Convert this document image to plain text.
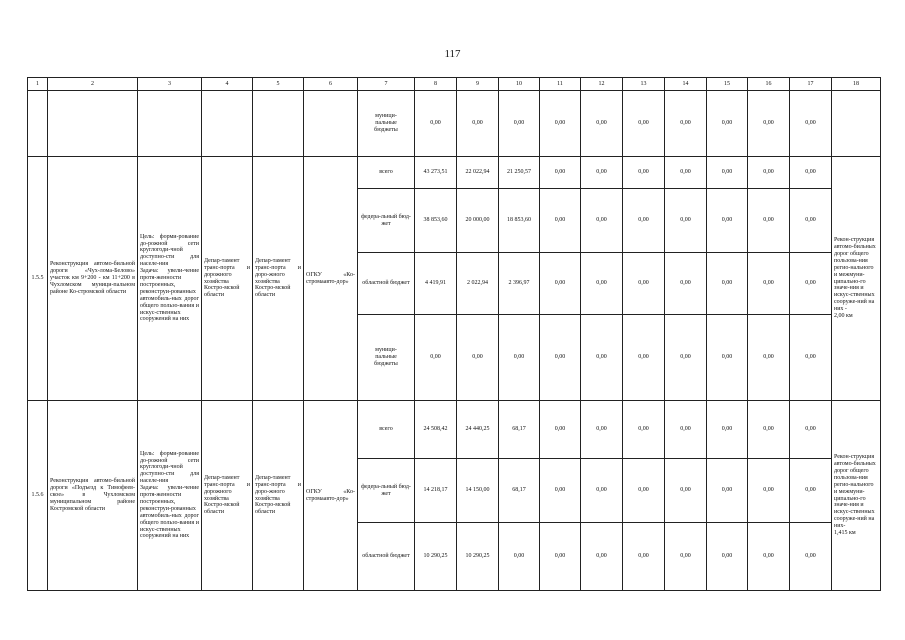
117
1	2	3	4	5	6	7	8	9	10	11	12	13	14	15	16	17	18

						муници-
пальные
бюджеты	0,00	0,00	0,00	0,00	0,00	0,00	0,00	0,00	0,00	0,00	
1.5.5	Реконструкция автомо-бильной дороги «Чух-лома-Белово» участок км 9+200 - км 11+200 в Чухломском муници-пальном районе Ко-стромской области	Цель: форми-рование до-рожной сети круглогоди-чной доступно-сти для населе-ния
Задача: увели-чение протя-женности построенных, реконструи-рованных автомобиль-ных дорог общего пользо-вания и искус-ственных сооружений на них	Депар-тамент транс-порта и дорожного хозяйства Костро-мской области	Депар-тамент транс-порта и доро-жного хозяйства Костро-мской области	ОГКУ «Ко-стромаавто-дор»	всего	43 273,51	22 022,94	21 250,57	0,00	0,00	0,00	0,00	0,00	0,00	0,00	Рекон-струкция автомо-бильных дорог общего пользова-ния регио-нального и межмуни-ципально-го значе-ния и искус-ственных сооруже-ний на них -
2,00 км

						федера-льный бюд-жет	38 853,60	20 000,00	18 853,60	0,00	0,00	0,00	0,00	0,00	0,00	0,00	
						областной бюджет	4 419,91	2 022,94	2 396,97	0,00	0,00	0,00	0,00	0,00	0,00	0,00	

						муници-
пальные
бюджеты	0,00	0,00	0,00	0,00	0,00	0,00	0,00	0,00	0,00	0,00	
1.5.6	Реконструкция автомо-бильной дороги «Подъезд к Тимофеев-ское» в Чухломском муниципальном районе Костромской области	Цель: форми-рование до-рожной сети круглогоди-чной доступно-сти для населе-ния
Задача: увели-чение протя-женности построенных, реконструи-рованных автомобиль-ных дорог общего пользо-вания и искус-ственных сооружений на них	Депар-тамент транс-порта и дорожного хозяйства Костро-мской области	Депар-тамент транс-порта и доро-жного хозяйства Костро-мской области	ОГКУ «Ко-стромаавто-дор»	всего	24 508,42	24 440,25	68,17	0,00	0,00	0,00	0,00	0,00	0,00	0,00	Рекон-струкция автомо-бильных дорог общего пользова-ния регио-нального и межмуни-ципально-го значе-ния и искус-ственных сооруже-ний на них-
1,415 км

						федера-льный бюд-жет	14 218,17	14 150,00	68,17	0,00	0,00	0,00	0,00	0,00	0,00	0,00	
						областной бюджет	10 290,25	10 290,25	0,00	0,00	0,00	0,00	0,00	0,00	0,00	0,00	
